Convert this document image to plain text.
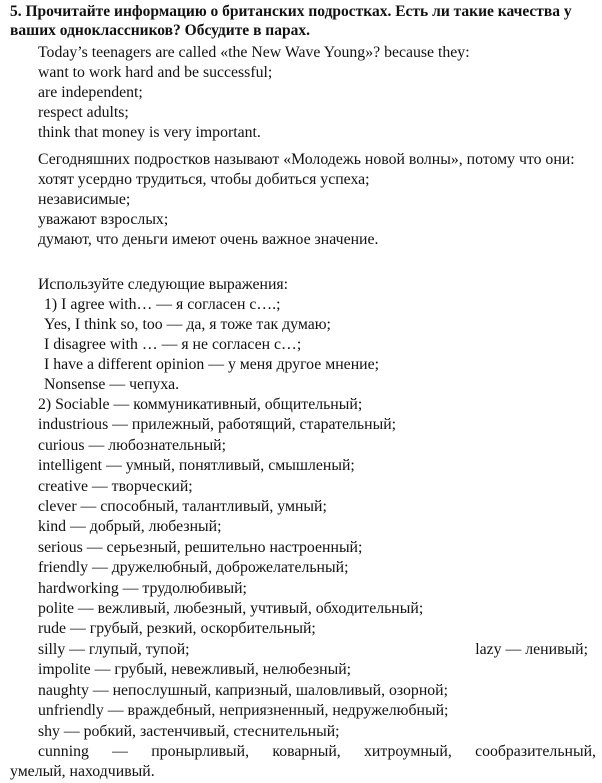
5. Прочитайте информацию о британских подростках. Есть ли такие качества у ваших одноклассников? Обсудите в парах.

Today’s teenagers are called «the New Wave Young»? because they:

want to work hard and be successful;

are independent;

respect adults;

think that money is very important.

Сегодняшних подростков называют «Молодежь новой волны», потому что они:

хотят усердно трудиться, чтобы добиться успеха;

независимые;

уважают взрослых;

думают, что деньги имеют очень важное значение.

Используйте следующие выражения:

1) I agree with… — я согласен с….;

Yes, I think so, too — да, я тоже так думаю;

I disagree with … — я не согласен с…;

I have a different opinion — у меня другое мнение;

Nonsense — чепуха.

2) Sociable — коммуникативный, общительный;

industrious — прилежный, работящий, старательный;

curious — любознательный;

intelligent — умный, понятливый, смышленый;

creative — творческий;

clever — способный, талантливый, умный;

kind — добрый, любезный;

serious — серьезный, решительно настроенный;

friendly — дружелюбный, доброжелательный;

hardworking — трудолюбивый;

polite — вежливый, любезный, учтивый, обходительный;

rude — грубый, резкий, оскорбительный;

silly — глупый, тупой;	lazy — ленивый;

impolite — грубый, невежливый, нелюбезный;

naughty — непослушный, капризный, шаловливый, озорной;

unfriendly — враждебный, неприязненный, недружелюбный;

shy — робкий, застенчивый, стеснительный;

cunning — пронырливый, коварный, хитроумный, сообразительный,

умелый, находчивый.
